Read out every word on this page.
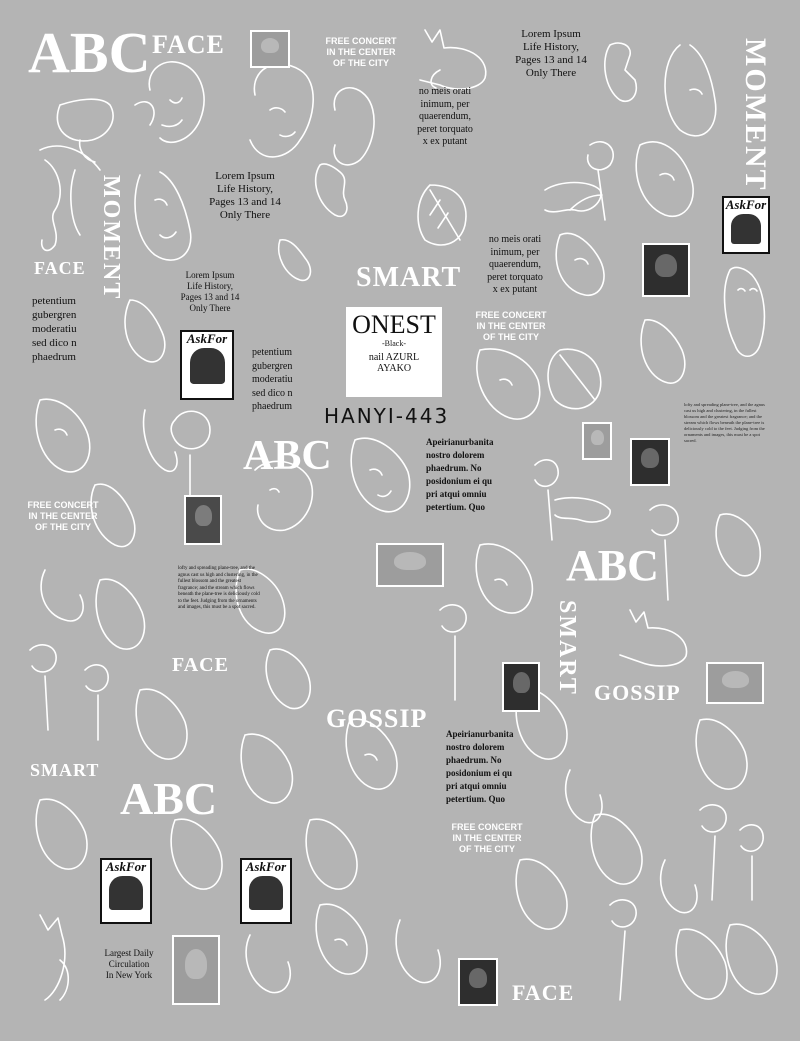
ABC FACE	MOMENT
MOMENT
FACE	SMART
ABC
ABC
SMART
FACE
GOSSIP
GOSSIP
SMART
ABC
FACE
FREE CONCERT
IN THE CENTER
OF THE CITY
FREE CONCERT
IN THE CENTER
OF THE CITY
FREE CONCERT
IN THE CENTER
OF THE CITY
FREE CONCERT
IN THE CENTER
OF THE CITY
Lorem Ipsum
Life History,
Pages 13 and 14
Only There
Lorem Ipsum
Life History,
Pages 13 and 14
Only There
Lorem Ipsum
Life History,
Pages 13 and 14
Only There
no meis orati
inimum, per
quaerendum,
peret torquato
x ex putant
no meis orati
inimum, per
quaerendum,
peret torquato
x ex putant
petentium
gubergren
moderatiu
sed dico n
phaedrum	petentium
gubergren
moderatiu
sed dico n
phaedrum
Apeirianurbanita
nostro dolorem
phaedrum. No
posidonium ei qu
pri atqui omniu
petertium. Quo
Apeirianurbanita
nostro dolorem
phaedrum. No
posidonium ei qu
pri atqui omniu
petertium. Quo
lofty and spreading plane-tree, and the agnus cast us high and clustering, in the fullest blossom and the greatest fragrance; and the stream which flows beneath the plane-tree is deliciously cold to the feet. Judging from the ornaments and images, this must be a spot sacred.
lofty and spreading plane-tree, and the agnus cast us high and clustering, in the fullest blossom and the greatest fragrance; and the stream which flows beneath the plane-tree is deliciously cold to the feet. Judging from the ornaments and images, this must be a spot sacred.
ONEST
-Black-
nail AZURL
AYAKO
HANYI-443
AskFor
AskFor
AskFor	AskFor
Largest Daily
Circulation
In New York
